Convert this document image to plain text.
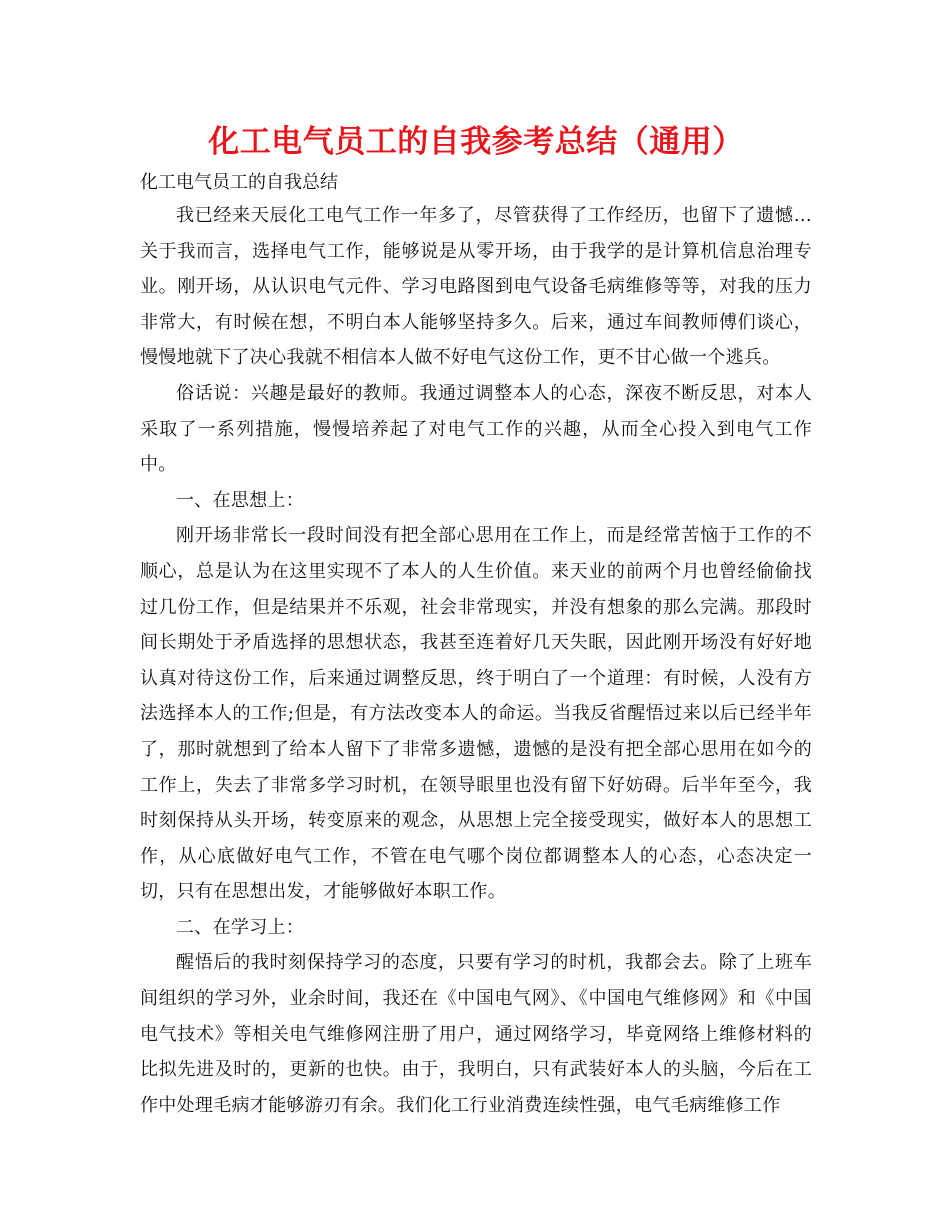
化工电气员工的自我参考总结（通用）

化工电气员工的自我总结

我已经来天辰化工电气工作一年多了，尽管获得了工作经历，也留下了遗憾…关于我而言，选择电气工作，能够说是从零开场，由于我学的是计算机信息治理专业。刚开场，从认识电气元件、学习电路图到电气设备毛病维修等等，对我的压力非常大，有时候在想，不明白本人能够坚持多久。后来，通过车间教师傅们谈心，慢慢地就下了决心我就不相信本人做不好电气这份工作，更不甘心做一个逃兵。

俗话说：兴趣是最好的教师。我通过调整本人的心态，深夜不断反思，对本人采取了一系列措施，慢慢培养起了对电气工作的兴趣，从而全心投入到电气工作中。

一、在思想上：

刚开场非常长一段时间没有把全部心思用在工作上，而是经常苦恼于工作的不顺心，总是认为在这里实现不了本人的人生价值。来天业的前两个月也曾经偷偷找过几份工作，但是结果并不乐观，社会非常现实，并没有想象的那么完满。那段时间长期处于矛盾选择的思想状态，我甚至连着好几天失眠，因此刚开场没有好好地认真对待这份工作，后来通过调整反思，终于明白了一个道理：有时候，人没有方法选择本人的工作;但是，有方法改变本人的命运。当我反省醒悟过来以后已经半年了，那时就想到了给本人留下了非常多遗憾，遗憾的是没有把全部心思用在如今的工作上，失去了非常多学习时机，在领导眼里也没有留下好妨碍。后半年至今，我时刻保持从头开场，转变原来的观念，从思想上完全接受现实，做好本人的思想工作，从心底做好电气工作，不管在电气哪个岗位都调整本人的心态，心态决定一切，只有在思想出发，才能够做好本职工作。

二、在学习上：

醒悟后的我时刻保持学习的态度，只要有学习的时机，我都会去。除了上班车间组织的学习外，业余时间，我还在《中国电气网》、《中国电气维修网》和《中国电气技术》等相关电气维修网注册了用户，通过网络学习，毕竟网络上维修材料的比拟先进及时的，更新的也快。由于，我明白，只有武装好本人的头脑，今后在工作中处理毛病才能够游刃有余。我们化工行业消费连续性强，电气毛病维修工作
